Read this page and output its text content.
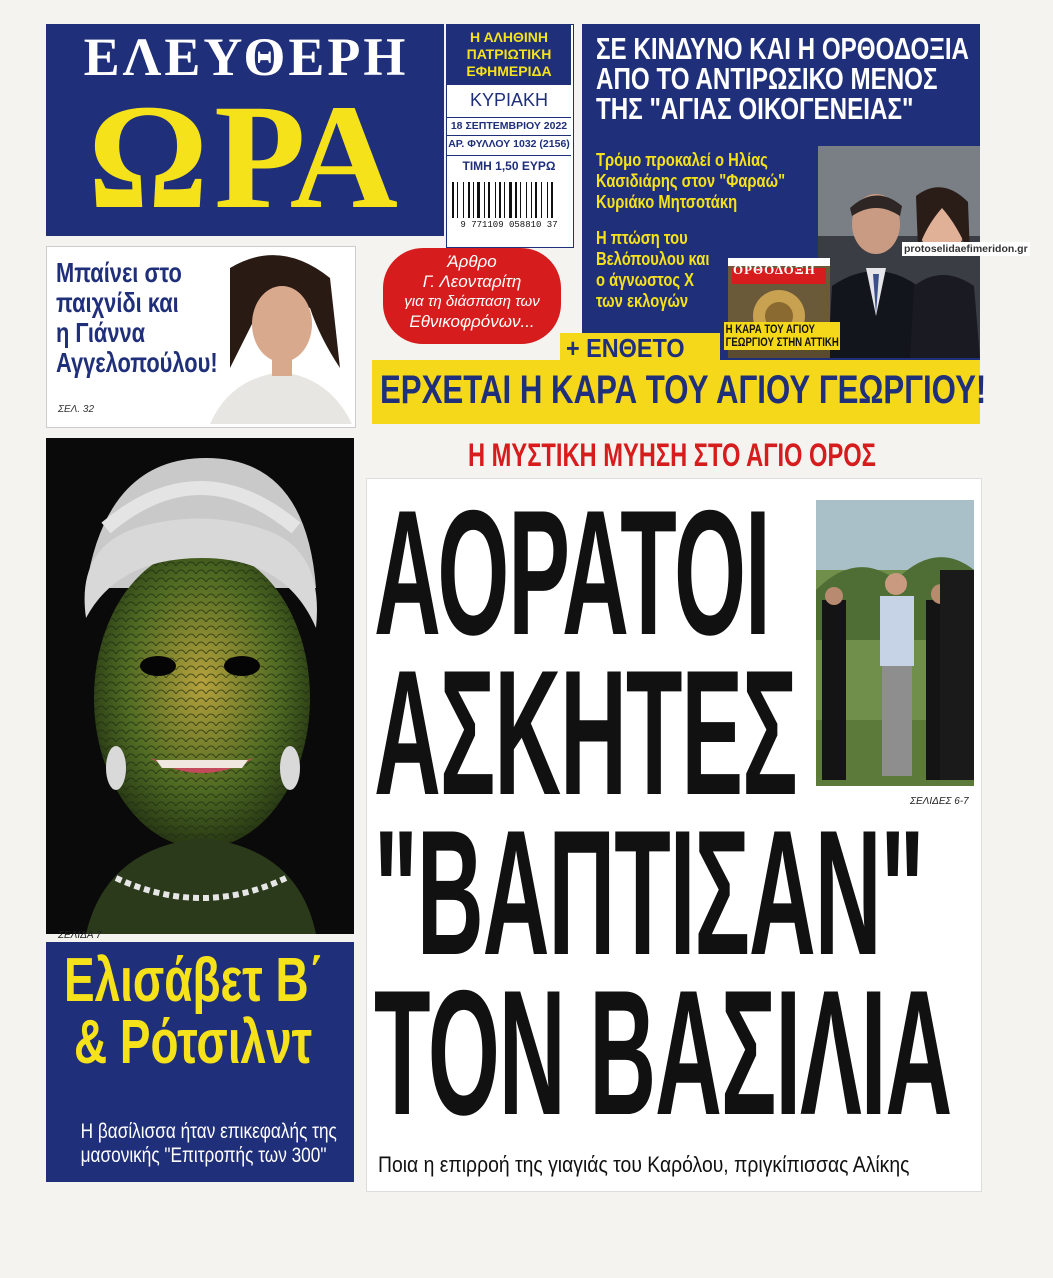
ΕΛΕΥΘΕΡΗ
ΩΡΑ
Η ΑΛΗΘΙΝΗ
ΠΑΤΡΙΩΤΙΚΗ
ΕΦΗΜΕΡΙΔΑ
ΚΥΡΙΑΚΗ
18 ΣΕΠΤΕΜΒΡΙΟΥ 2022
ΑΡ. ΦΥΛΛΟΥ 1032 (2156)
ΤΙΜΗ 1,50 ΕΥΡΩ
9 771109 058810 37
ΣΕ ΚΙΝΔΥΝΟ ΚΑΙ Η ΟΡΘΟΔΟΞΙΑ
ΑΠΟ ΤΟ ΑΝΤΙΡΩΣΙΚΟ ΜΕΝΟΣ
ΤΗΣ "ΑΓΙΑΣ ΟΙΚΟΓΕΝΕΙΑΣ"
Τρόμο προκαλεί ο Ηλίας
Κασιδιάρης στον "Φαραώ"
Κυριάκο Μητσοτάκη
Η πτώση του
Βελόπουλου και
ο άγνωστος Χ
των εκλογών
ΟΡΘΟΔΟΞΗ
Η ΚΑΡΑ ΤΟΥ ΑΓΙΟΥ
ΓΕΩΡΓΙΟΥ ΣΤΗΝ ΑΤΤΙΚΗ
protoselidaefimeridon.gr
Άρθρο
Γ. Λεονταρίτη
για τη διάσπαση των
Εθνικοφρόνων...
+ ΕΝΘΕΤΟ
ΕΡΧΕΤΑΙ Η ΚΑΡΑ ΤΟΥ ΑΓΙΟΥ ΓΕΩΡΓΙΟΥ!
Μπαίνει στο
παιχνίδι και
η Γιάννα
Αγγελοπούλου!
ΣΕΛ. 32
ΣΕΛΙΔΑ 7
Ελισάβετ Β΄
& Ρότσιλντ
Η βασίλισσα ήταν επικεφαλής της
μασονικής "Επιτροπής των 300"
Η ΜΥΣΤΙΚΗ ΜΥΗΣΗ ΣΤΟ ΑΓΙΟ ΟΡΟΣ
ΑΟΡΑΤΟΙ
ΑΣΚΗΤΕΣ
"ΒΑΠΤΙΣΑΝ"
ΤΟΝ ΒΑΣΙΛΙΑ
ΣΕΛΙΔΕΣ 6-7
Ποια η επιρροή της γιαγιάς του Καρόλου, πριγκίπισσας Αλίκης
